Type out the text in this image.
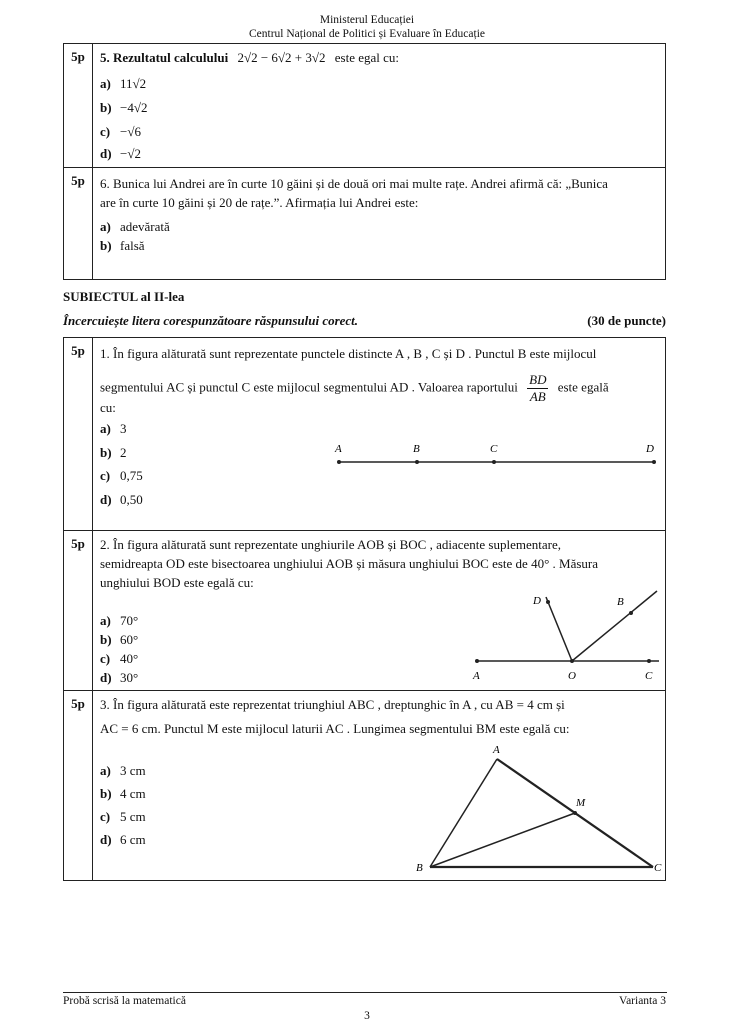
Ministerul Educației
Centrul Național de Politici și Evaluare în Educație
5p	5. Rezultatul calculului 2√2 − 6√2 + 3√2 este egal cu:
a) 11√2
b) −4√2
c) −√6
d) −√2
5p	6. Bunica lui Andrei are în curte 10 găini și de două ori mai multe rațe. Andrei afirmă că: „Bunica
are în curte 10 găini și 20 de rațe.”. Afirmația lui Andrei este:
a) adevărată
b) falsă
SUBIECTUL al II-lea
Încercuiește litera corespunzătoare răspunsului corect.	(30 de puncte)
5p	1. În figura alăturată sunt reprezentate punctele distincte A , B , C și D . Punctul B este mijlocul
segmentului AC și punctul C este mijlocul segmentului AD . Valoarea raportului $\frac{BD}{AB}$ este egală
cu:
a) 3
b) 2
c) 0,75
d) 0,50
A	B	C	D
5p	2. În figura alăturată sunt reprezentate unghiurile AOB și BOC , adiacente suplementare,
semidreapta OD este bisectoarea unghiului AOB și măsura unghiului BOC este de 40° . Măsura
unghiului BOD este egală cu:
a) 70°
b) 60°
c) 40°
d) 30°
D	B
A	O	C
5p	3. În figura alăturată este reprezentat triunghiul ABC , dreptunghic în A , cu AB = 4 cm și
AC = 6 cm. Punctul M este mijlocul laturii AC . Lungimea segmentului BM este egală cu:
a) 3 cm
b) 4 cm
c) 5 cm
d) 6 cm
A
M
B	C
Probă scrisă la matematică	Varianta 3
3
